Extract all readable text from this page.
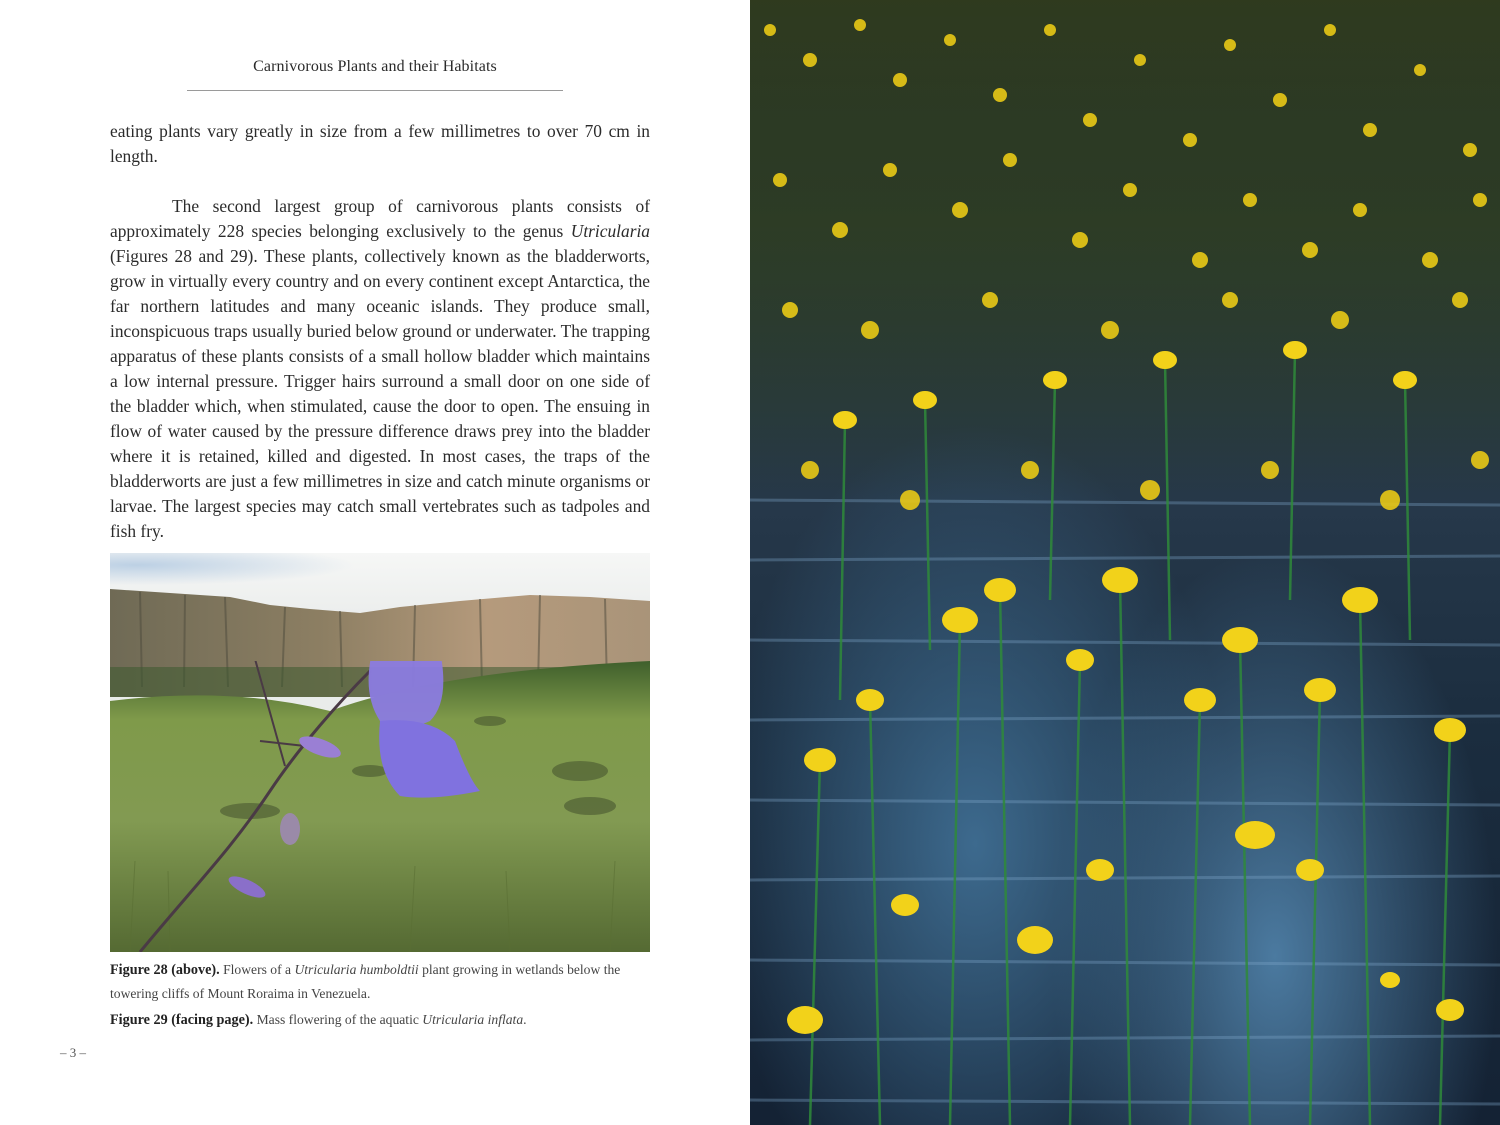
Carnivorous Plants and their Habitats

eating plants vary greatly in size from a few millimetres to over 70 cm in length.

The second largest group of carnivorous plants consists of approximately 228 species belonging exclusively to the genus Utricularia (Figures 28 and 29). These plants, collectively known as the bladderworts, grow in virtually every country and on every continent except Antarctica, the far northern latitudes and many oceanic islands. They produce small, inconspicuous traps usually buried below ground or underwater. The trapping apparatus of these plants consists of a small hollow bladder which maintains a low internal pressure. Trigger hairs surround a small door on one side of the bladder which, when stimulated, cause the door to open. The ensuing in flow of water caused by the pressure difference draws prey into the bladder where it is retained, killed and digested. In most cases, the traps of the bladderworts are just a few millimetres in size and catch minute organisms or larvae. The largest species may catch small vertebrates such as tadpoles and fish fry.

Figure 28 (above). Flowers of a Utricularia humboldtii plant growing in wetlands below the towering cliffs of Mount Roraima in Venezuela.

Figure 29 (facing page). Mass flowering of the aquatic Utricularia inflata.

– 3 –
